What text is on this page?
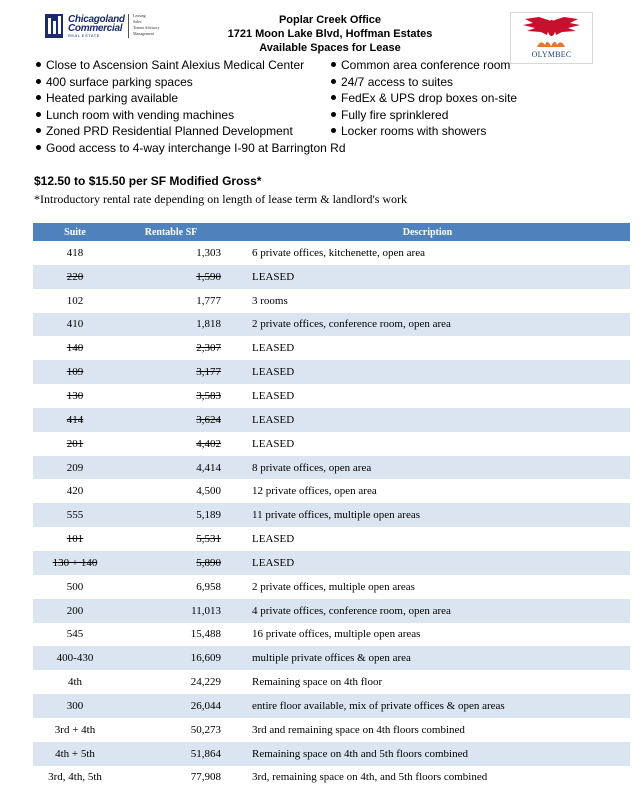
Chicagoland
Commercial
REAL ESTATE
Leasing
Sales
Tenant Advisory
Management
Poplar Creek Office
1721 Moon Lake Blvd, Hoffman Estates
Available Spaces for Lease
OLYMBEC
Close to Ascension Saint Alexius Medical Center
400 surface parking spaces
Heated parking available
Lunch room with vending machines
Zoned PRD Residential Planned Development
Good access to 4-way interchange I-90 at Barrington Rd
Common area conference room
24/7 access to suites
FedEx & UPS drop boxes on-site
Fully fire sprinklered
Locker rooms with showers
$12.50 to $15.50 per SF Modified Gross*
*Introductory rental rate depending on length of lease term & landlord's work
Suite	Rentable SF	Description
418	1,303	6 private offices, kitchenette, open area
220	1,590	LEASED
102	1,777	3 rooms
410	1,818	2 private offices, conference room, open area
140	2,307	LEASED
109	3,177	LEASED
130	3,583	LEASED
414	3,624	LEASED
201	4,402	LEASED
209	4,414	8 private offices, open area
420	4,500	12 private offices, open area
555	5,189	11 private offices, multiple open areas
101	5,531	LEASED
130 + 140	5,890	LEASED
500	6,958	2 private offices, multiple open areas
200	11,013	4 private offices, conference room, open area
545	15,488	16 private offices, multiple open areas
400-430	16,609	multiple private offices & open area
4th	24,229	Remaining space on 4th floor
300	26,044	entire floor available, mix of private offices & open areas
3rd + 4th	50,273	3rd and remaining space on 4th floors combined
4th + 5th	51,864	Remaining space on 4th and 5th floors combined
3rd, 4th, 5th	77,908	3rd, remaining space on 4th, and 5th floors combined
